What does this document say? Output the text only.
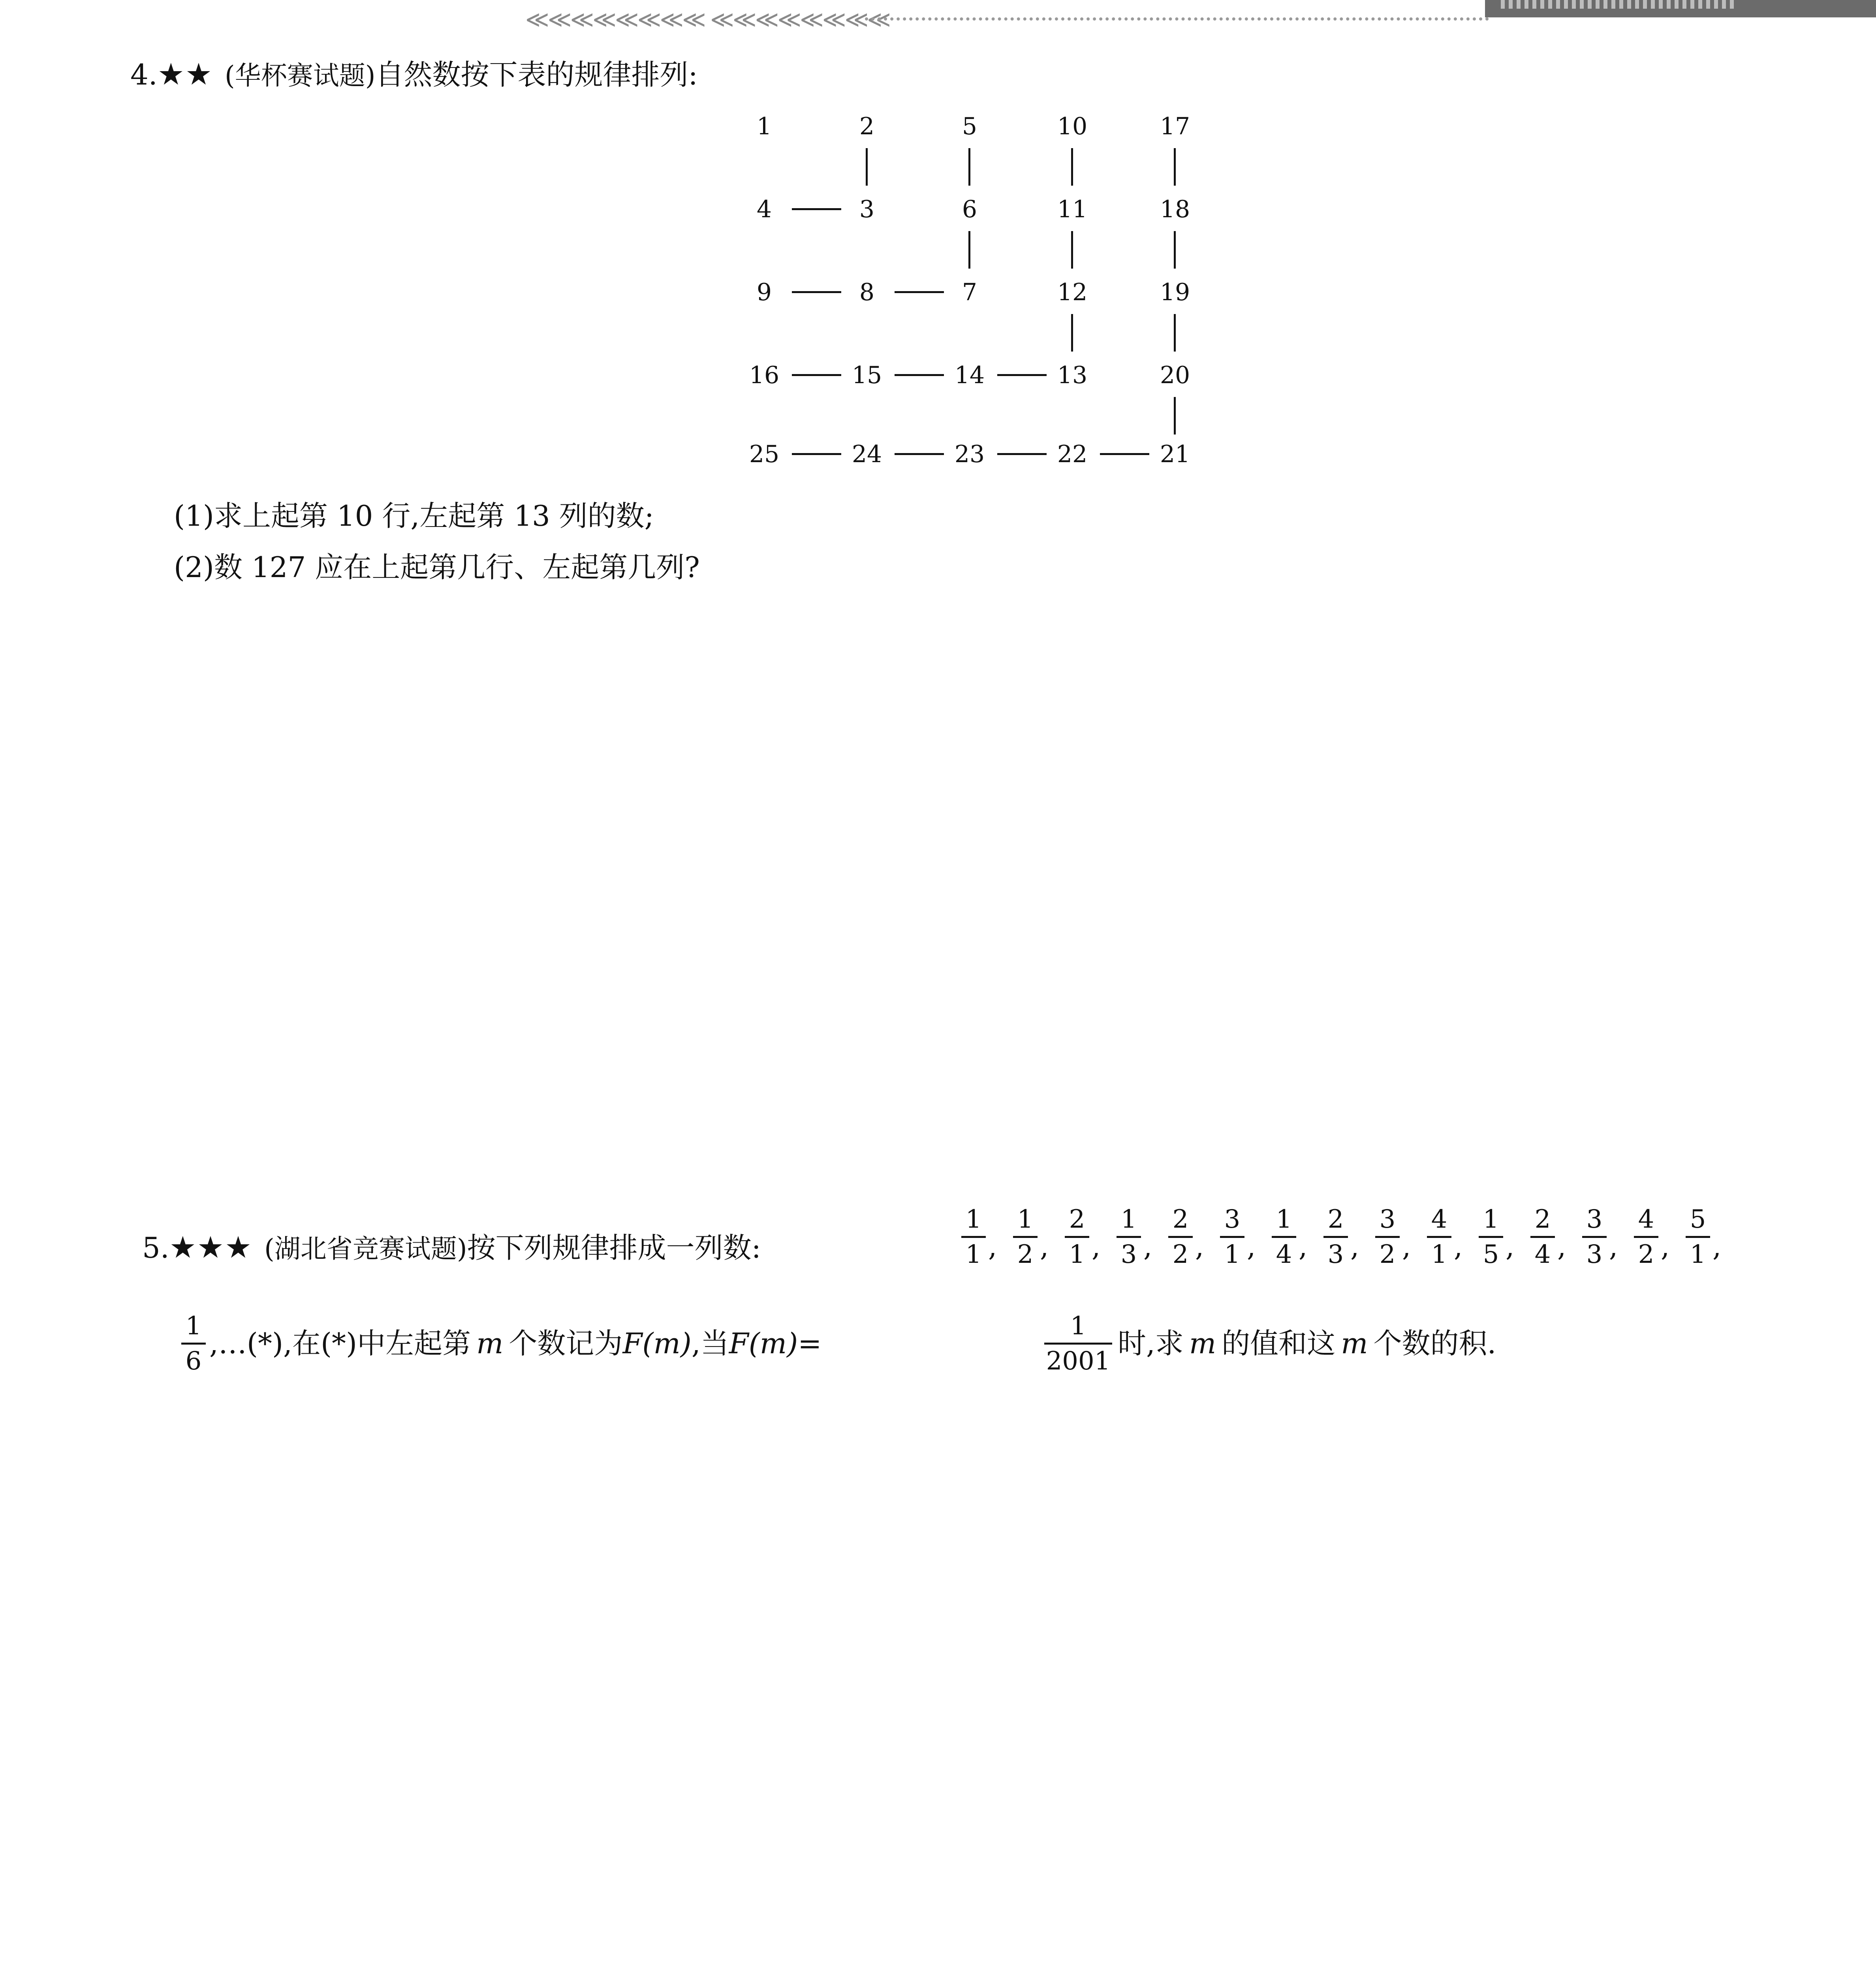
≪≪≪≪≪≪≪≪ ≪≪≪≪≪≪≪≪
4.★★ (华杯赛试题)自然数按下表的规律排列:
1	2	5	10	17
4	3	6	11	18
9	8	7	12	19
16	15	14	13	20
25	24	23	22	21
(1)求上起第 10 行,左起第 13 列的数;
(2)数 127 应在上起第几行、左起第几列?
5.★★★ (湖北省竞赛试题)按下列规律排成一列数:
1
1 ,
1
2 ,
2
1 ,
1
3 ,
2
2 ,
3
1 ,
1
4 ,
2
3 ,
3
2 ,
4
1 ,
1
5 ,
2
4 ,
3
3 ,
4
2 ,
5
1 ,
1
6
,…(*),在(*)中左起第 m 个数记为F(m),当F(m)=
1
2001
时,求 m 的值和这 m 个数的积.
